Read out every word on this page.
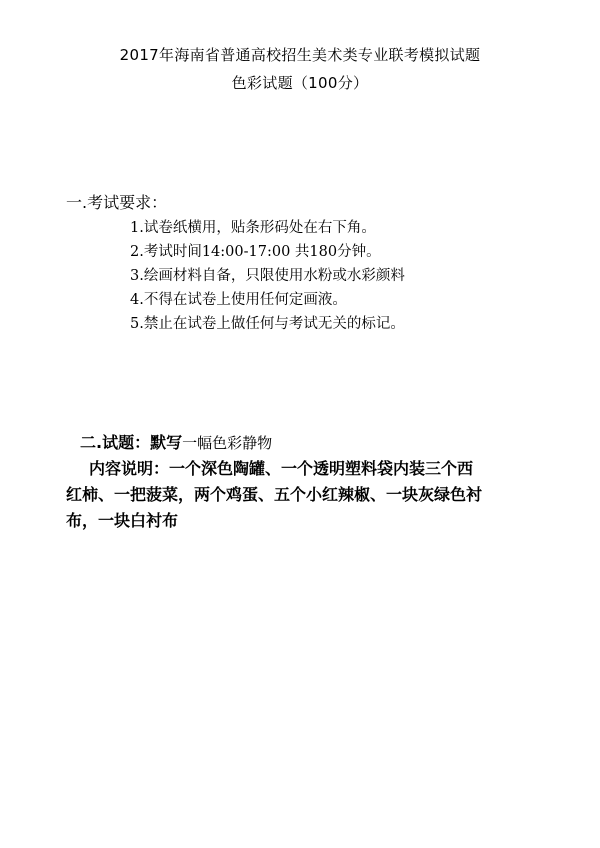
2017年海南省普通高校招生美术类专业联考模拟试题
色彩试题（100分）
一.考试要求：
1.试卷纸横用，贴条形码处在右下角。
2.考试时间14:00-17:00 共180分钟。
3.绘画材料自备，只限使用水粉或水彩颜料
4.不得在试卷上使用任何定画液。
5.禁止在试卷上做任何与考试无关的标记。
二.试题：默写一幅色彩静物
内容说明：一个深色陶罐、一个透明塑料袋内装三个西
红柿、一把菠菜，两个鸡蛋、五个小红辣椒、一块灰绿色衬
布，一块白衬布
